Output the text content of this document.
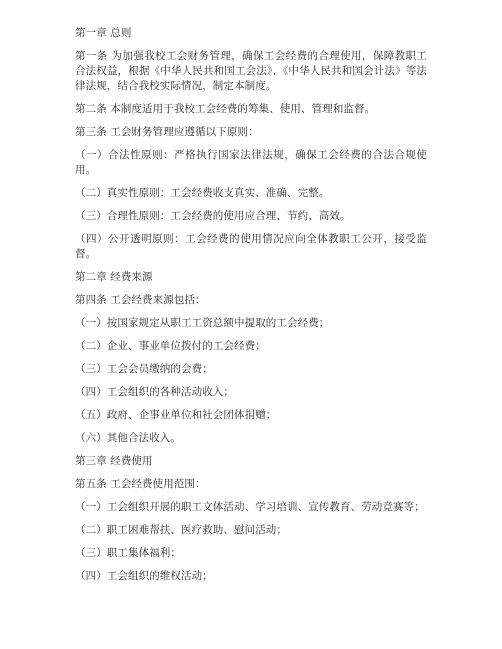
第一章 总则

第一条 为加强我校工会财务管理，确保工会经费的合理使用，保障教职工合法权益，根据《中华人民共和国工会法》、《中华人民共和国会计法》等法律法规，结合我校实际情况，制定本制度。

第二条 本制度适用于我校工会经费的筹集、使用、管理和监督。

第三条 工会财务管理应遵循以下原则：

（一）合法性原则：严格执行国家法律法规，确保工会经费的合法合规使用。

（二）真实性原则：工会经费收支真实、准确、完整。

（三）合理性原则：工会经费的使用应合理、节约、高效。

（四）公开透明原则：工会经费的使用情况应向全体教职工公开，接受监督。

第二章 经费来源

第四条 工会经费来源包括：

（一）按国家规定从职工工资总额中提取的工会经费；

（二）企业、事业单位拨付的工会经费；

（三）工会会员缴纳的会费；

（四）工会组织的各种活动收入；

（五）政府、企事业单位和社会团体捐赠；

（六）其他合法收入。

第三章 经费使用

第五条 工会经费使用范围：

（一）工会组织开展的职工文体活动、学习培训、宣传教育、劳动竞赛等；

（二）职工困难帮扶、医疗救助、慰问活动；

（三）职工集体福利；

（四）工会组织的维权活动；
